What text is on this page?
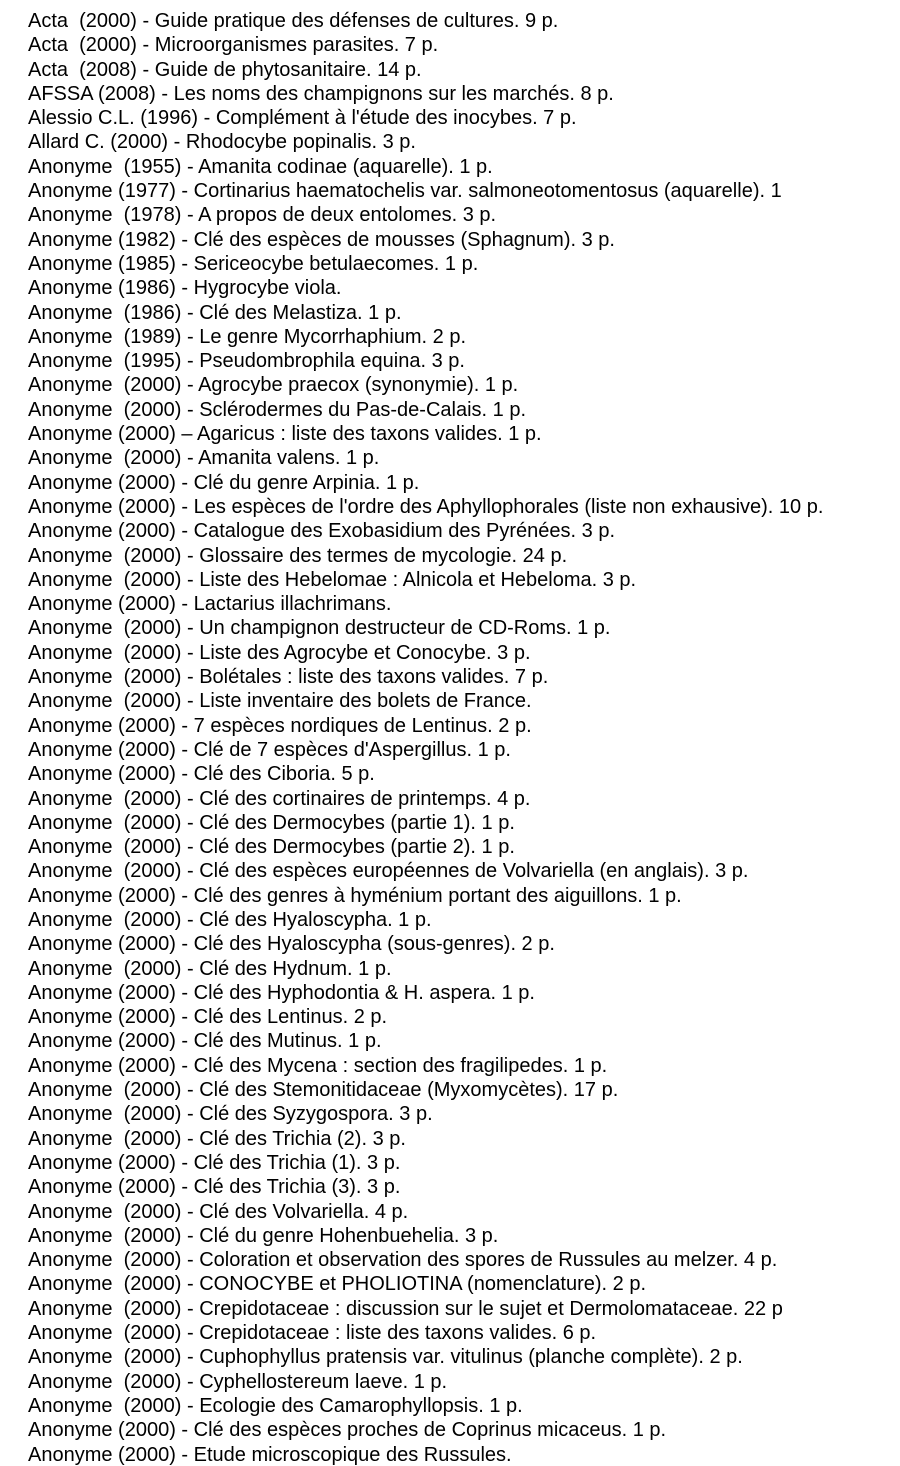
Acta  (2000) - Guide pratique des défenses de cultures. 9 p.
Acta  (2000) - Microorganismes parasites. 7 p.
Acta  (2008) - Guide de phytosanitaire. 14 p.
AFSSA (2008) - Les noms des champignons sur les marchés. 8 p.
Alessio C.L. (1996) - Complément à l'étude des inocybes. 7 p.
Allard C. (2000) - Rhodocybe popinalis. 3 p.
Anonyme  (1955) - Amanita codinae (aquarelle). 1 p.
Anonyme (1977) - Cortinarius haematochelis var. salmoneotomentosus (aquarelle). 1
Anonyme  (1978) - A propos de deux entolomes. 3 p.
Anonyme (1982) - Clé des espèces de mousses (Sphagnum). 3 p.
Anonyme (1985) - Sericeocybe betulaecomes. 1 p.
Anonyme (1986) - Hygrocybe viola.
Anonyme  (1986) - Clé des Melastiza. 1 p.
Anonyme  (1989) - Le genre Mycorrhaphium. 2 p.
Anonyme  (1995) - Pseudombrophila equina. 3 p.
Anonyme  (2000) - Agrocybe praecox (synonymie). 1 p.
Anonyme  (2000) - Sclérodermes du Pas-de-Calais. 1 p.
Anonyme (2000) – Agaricus : liste des taxons valides. 1 p.
Anonyme  (2000) - Amanita valens. 1 p.
Anonyme (2000) - Clé du genre Arpinia. 1 p.
Anonyme (2000) - Les espèces de l'ordre des Aphyllophorales (liste non exhausive). 10 p.
Anonyme (2000) - Catalogue des Exobasidium des Pyrénées. 3 p.
Anonyme  (2000) - Glossaire des termes de mycologie. 24 p.
Anonyme  (2000) - Liste des Hebelomae : Alnicola et Hebeloma. 3 p.
Anonyme (2000) - Lactarius illachrimans.
Anonyme  (2000) - Un champignon destructeur de CD-Roms. 1 p.
Anonyme  (2000) - Liste des Agrocybe et Conocybe. 3 p.
Anonyme  (2000) - Bolétales : liste des taxons valides. 7 p.
Anonyme  (2000) - Liste inventaire des bolets de France.
Anonyme (2000) - 7 espèces nordiques de Lentinus. 2 p.
Anonyme (2000) - Clé de 7 espèces d'Aspergillus. 1 p.
Anonyme (2000) - Clé des Ciboria. 5 p.
Anonyme  (2000) - Clé des cortinaires de printemps. 4 p.
Anonyme  (2000) - Clé des Dermocybes (partie 1). 1 p.
Anonyme  (2000) - Clé des Dermocybes (partie 2). 1 p.
Anonyme  (2000) - Clé des espèces européennes de Volvariella (en anglais). 3 p.
Anonyme (2000) - Clé des genres à hyménium portant des aiguillons. 1 p.
Anonyme  (2000) - Clé des Hyaloscypha. 1 p.
Anonyme (2000) - Clé des Hyaloscypha (sous-genres). 2 p.
Anonyme  (2000) - Clé des Hydnum. 1 p.
Anonyme (2000) - Clé des Hyphodontia & H. aspera. 1 p.
Anonyme (2000) - Clé des Lentinus. 2 p.
Anonyme (2000) - Clé des Mutinus. 1 p.
Anonyme (2000) - Clé des Mycena : section des fragilipedes. 1 p.
Anonyme  (2000) - Clé des Stemonitidaceae (Myxomycètes). 17 p.
Anonyme  (2000) - Clé des Syzygospora. 3 p.
Anonyme  (2000) - Clé des Trichia (2). 3 p.
Anonyme (2000) - Clé des Trichia (1). 3 p.
Anonyme (2000) - Clé des Trichia (3). 3 p.
Anonyme  (2000) - Clé des Volvariella. 4 p.
Anonyme  (2000) - Clé du genre Hohenbuehelia. 3 p.
Anonyme  (2000) - Coloration et observation des spores de Russules au melzer. 4 p.
Anonyme  (2000) - CONOCYBE et PHOLIOTINA (nomenclature). 2 p.
Anonyme  (2000) - Crepidotaceae : discussion sur le sujet et Dermolomataceae. 22 p
Anonyme  (2000) - Crepidotaceae : liste des taxons valides. 6 p.
Anonyme  (2000) - Cuphophyllus pratensis var. vitulinus (planche complète). 2 p.
Anonyme  (2000) - Cyphellostereum laeve. 1 p.
Anonyme  (2000) - Ecologie des Camarophyllopsis. 1 p.
Anonyme (2000) - Clé des espèces proches de Coprinus micaceus. 1 p.
Anonyme (2000) - Etude microscopique des Russules.
